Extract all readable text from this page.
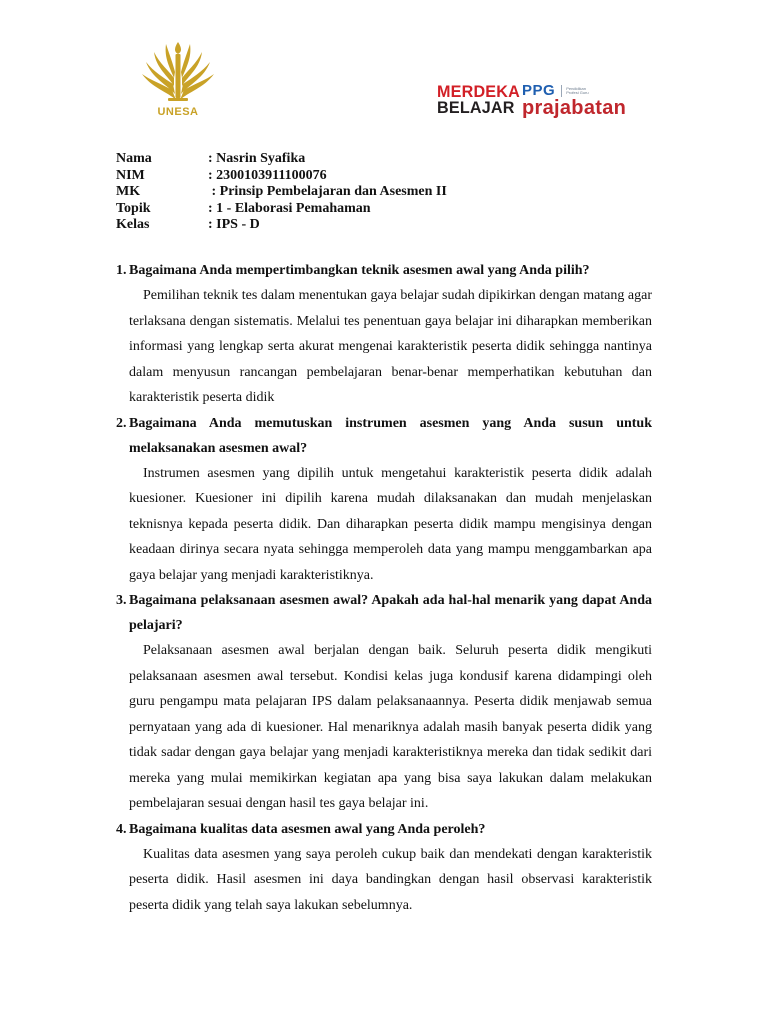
UNESA
MERDEKA
BELAJAR
PPG	Pendidikan Profesi Guru
prajabatan
Nama	: Nasrin Syafika
NIM	: 2300103911100076
MK	: Prinsip Pembelajaran dan Asesmen II
Topik	: 1 - Elaborasi Pemahaman
Kelas	: IPS - D
1. Bagaimana Anda mempertimbangkan teknik asesmen awal yang Anda pilih?
Pemilihan teknik tes dalam menentukan gaya belajar sudah dipikirkan dengan matang agar terlaksana dengan sistematis. Melalui tes penentuan gaya belajar ini diharapkan memberikan informasi yang lengkap serta akurat mengenai karakteristik peserta didik sehingga nantinya dalam menyusun rancangan pembelajaran benar-benar memperhatikan kebutuhan dan karakteristik peserta didik
2. Bagaimana Anda memutuskan instrumen asesmen yang Anda susun untuk melaksanakan asesmen awal?
Instrumen asesmen yang dipilih untuk mengetahui karakteristik peserta didik adalah kuesioner. Kuesioner ini dipilih karena mudah dilaksanakan dan mudah menjelaskan teknisnya kepada peserta didik. Dan diharapkan peserta didik mampu mengisinya dengan keadaan dirinya secara nyata sehingga memperoleh data yang mampu menggambarkan apa gaya belajar yang menjadi karakteristiknya.
3. Bagaimana pelaksanaan asesmen awal? Apakah ada hal-hal menarik yang dapat Anda pelajari?
Pelaksanaan asesmen awal berjalan dengan baik. Seluruh peserta didik mengikuti pelaksanaan asesmen awal tersebut. Kondisi kelas juga kondusif karena didampingi oleh guru pengampu mata pelajaran IPS dalam pelaksanaannya. Peserta didik menjawab semua pernyataan yang ada di kuesioner. Hal menariknya adalah masih banyak peserta didik yang tidak sadar dengan gaya belajar yang menjadi karakteristiknya mereka dan tidak sedikit dari mereka yang mulai memikirkan kegiatan apa yang bisa saya lakukan dalam melakukan pembelajaran sesuai dengan hasil tes gaya belajar ini.
4. Bagaimana kualitas data asesmen awal yang Anda peroleh?
Kualitas data asesmen yang saya peroleh cukup baik dan mendekati dengan karakteristik peserta didik. Hasil asesmen ini daya bandingkan dengan hasil observasi karakteristik peserta didik yang telah saya lakukan sebelumnya.
